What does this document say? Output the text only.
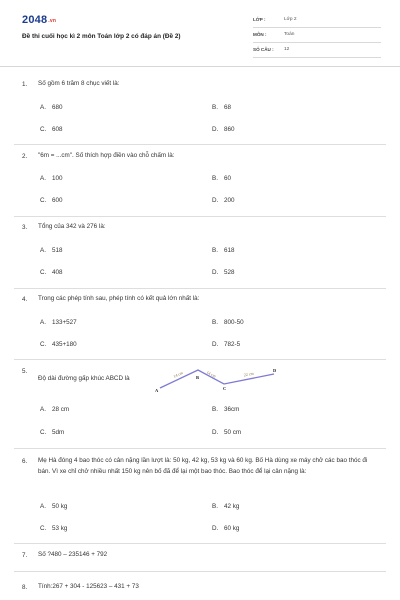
2048.vn
Đề thi cuối học kì 2 môn Toán lớp 2 có đáp án (Đề 2)
LỚP :	Lớp 2
MÔN :	Toán
SỐ CÂU : 12
1. Số gồm 6 trăm 8 chục viết là:
A. 680	B. 68
C. 608	D. 860
2. "6m = ...cm". Số thích hợp điền vào chỗ chấm là:
A. 100	B. 60
C. 600	D. 200
3. Tổng của 342 và 276 là:
A. 518	B. 618
C. 408	D. 528
4. Trong các phép tính sau, phép tính có kết quả lớn nhất là:
A. 133+527	B. 800-50
C. 435+180	D. 782-5
5.
Độ dài đường gấp khúc ABCD là
A. 28 cm	B. 36cm
C. 5dm	D. 50 cm
A
B
C
D
14 cm	14 cm	22 cm
6. Mẹ Hà đóng 4 bao thóc có cân nặng lần lượt là: 50 kg, 42 kg, 53 kg và 60 kg. Bố Hà dùng xe máy chở các bao thóc đi bán. Vì xe chỉ chở nhiều nhất 150 kg nên bố đã để lại một bao thóc. Bao thóc để lại cân nặng là:
A. 50 kg	B. 42 kg
C. 53 kg	D. 60 kg
7. Số ?480 – 235146 + 792
8. Tính:267 + 304 - 125623 – 431 + 73
